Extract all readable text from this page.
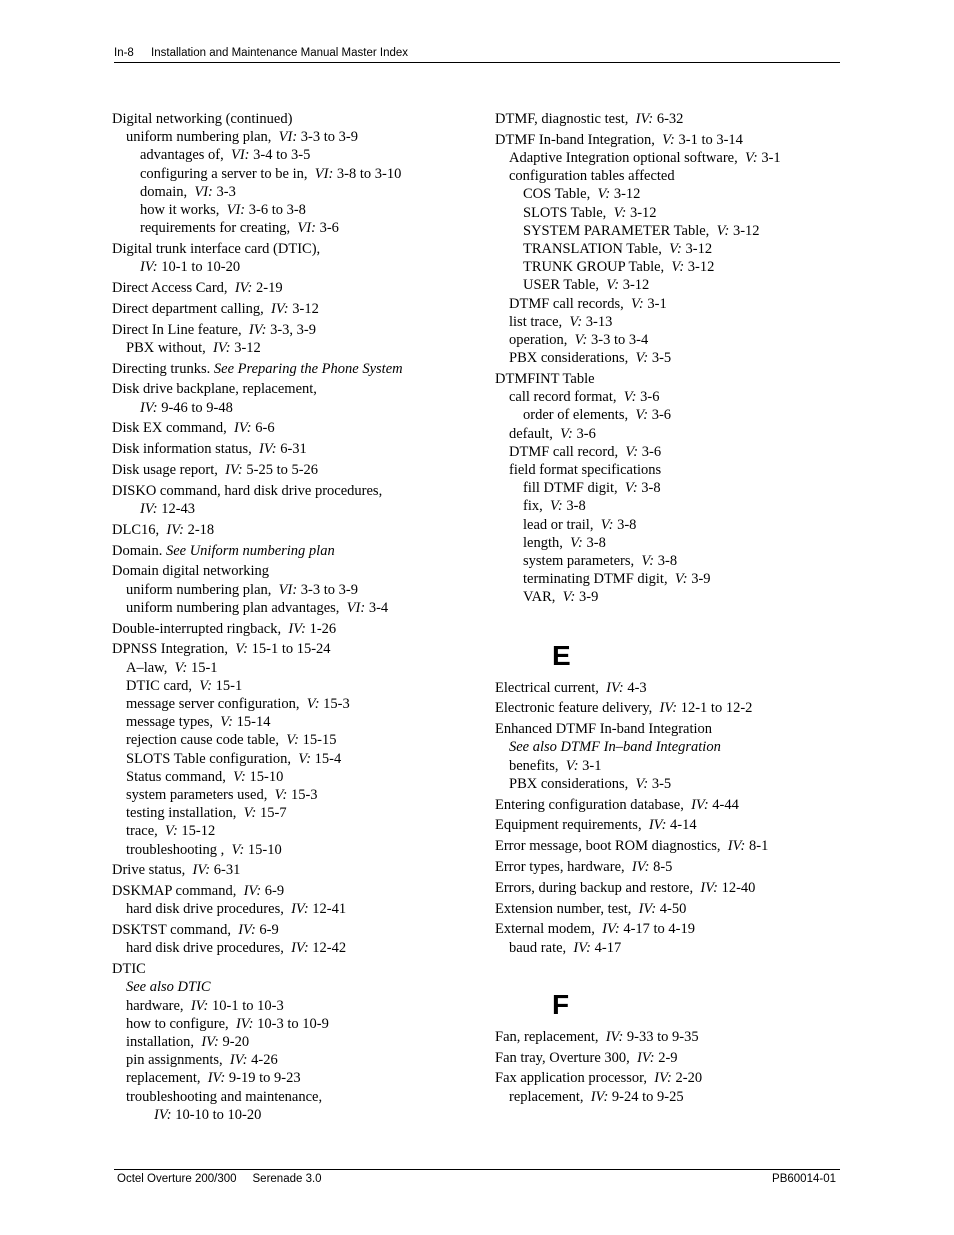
In-8 Installation and Maintenance Manual Master Index
Digital networking (continued)
uniform numbering plan, VI: 3-3 to 3-9
advantages of, VI: 3-4 to 3-5
configuring a server to be in, VI: 3-8 to 3-10
domain, VI: 3-3
how it works, VI: 3-6 to 3-8
requirements for creating, VI: 3-6
Digital trunk interface card (DTIC),
IV: 10-1 to 10-20
Direct Access Card, IV: 2-19
Direct department calling, IV: 3-12
Direct In Line feature, IV: 3-3, 3-9
PBX without, IV: 3-12
Directing trunks. See Preparing the Phone System
Disk drive backplane, replacement,
IV: 9-46 to 9-48
Disk EX command, IV: 6-6
Disk information status, IV: 6-31
Disk usage report, IV: 5-25 to 5-26
DISKO command, hard disk drive procedures,
IV: 12-43
DLC16, IV: 2-18
Domain. See Uniform numbering plan
Domain digital networking
uniform numbering plan, VI: 3-3 to 3-9
uniform numbering plan advantages, VI: 3-4
Double-interrupted ringback, IV: 1-26
DPNSS Integration, V: 15-1 to 15-24
A–law, V: 15-1
DTIC card, V: 15-1
message server configuration, V: 15-3
message types, V: 15-14
rejection cause code table, V: 15-15
SLOTS Table configuration, V: 15-4
Status command, V: 15-10
system parameters used, V: 15-3
testing installation, V: 15-7
trace, V: 15-12
troubleshooting , V: 15-10
Drive status, IV: 6-31
DSKMAP command, IV: 6-9
hard disk drive procedures, IV: 12-41
DSKTST command, IV: 6-9
hard disk drive procedures, IV: 12-42
DTIC
See also DTIC
hardware, IV: 10-1 to 10-3
how to configure, IV: 10-3 to 10-9
installation, IV: 9-20
pin assignments, IV: 4-26
replacement, IV: 9-19 to 9-23
troubleshooting and maintenance,
IV: 10-10 to 10-20
DTMF, diagnostic test, IV: 6-32
DTMF In-band Integration, V: 3-1 to 3-14
Adaptive Integration optional software, V: 3-1
configuration tables affected
COS Table, V: 3-12
SLOTS Table, V: 3-12
SYSTEM PARAMETER Table, V: 3-12
TRANSLATION Table, V: 3-12
TRUNK GROUP Table, V: 3-12
USER Table, V: 3-12
DTMF call records, V: 3-1
list trace, V: 3-13
operation, V: 3-3 to 3-4
PBX considerations, V: 3-5
DTMFINT Table
call record format, V: 3-6
order of elements, V: 3-6
default, V: 3-6
DTMF call record, V: 3-6
field format specifications
fill DTMF digit, V: 3-8
fix, V: 3-8
lead or trail, V: 3-8
length, V: 3-8
system parameters, V: 3-8
terminating DTMF digit, V: 3-9
VAR, V: 3-9
E
Electrical current, IV: 4-3
Electronic feature delivery, IV: 12-1 to 12-2
Enhanced DTMF In-band Integration
See also DTMF In–band Integration
benefits, V: 3-1
PBX considerations, V: 3-5
Entering configuration database, IV: 4-44
Equipment requirements, IV: 4-14
Error message, boot ROM diagnostics, IV: 8-1
Error types, hardware, IV: 8-5
Errors, during backup and restore, IV: 12-40
Extension number, test, IV: 4-50
External modem, IV: 4-17 to 4-19
baud rate, IV: 4-17
F
Fan, replacement, IV: 9-33 to 9-35
Fan tray, Overture 300, IV: 2-9
Fax application processor, IV: 2-20
replacement, IV: 9-24 to 9-25
Octel Overture 200/300     Serenade 3.0	PB60014-01
